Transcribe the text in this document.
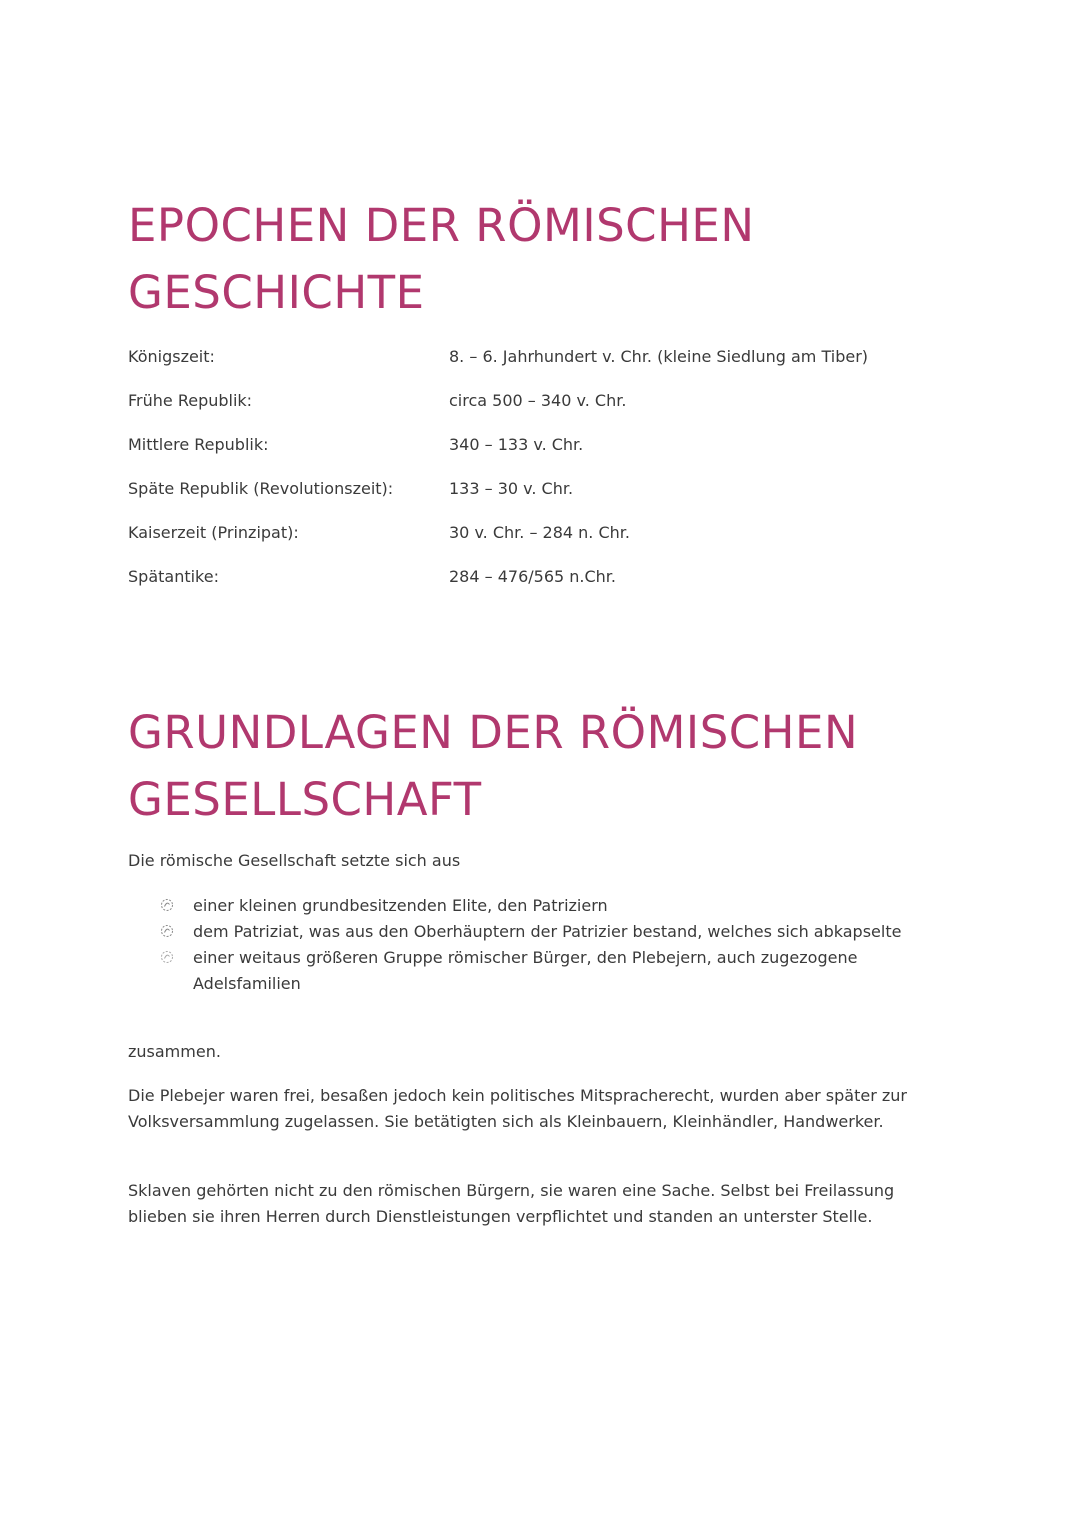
EPOCHEN DER RÖMISCHEN
GESCHICHTE
Königszeit:	8. – 6. Jahrhundert v. Chr. (kleine Siedlung am Tiber)
Frühe Republik:	circa 500 – 340 v. Chr.
Mittlere Republik:	340 – 133 v. Chr.
Späte Republik (Revolutionszeit):	133 – 30 v. Chr.
Kaiserzeit (Prinzipat):	30 v. Chr. – 284 n. Chr.
Spätantike:	284 – 476/565 n.Chr.
GRUNDLAGEN DER RÖMISCHEN
GESELLSCHAFT

Die römische Gesellschaft setzte sich aus

einer kleinen grundbesitzenden Elite, den Patriziern
dem Patriziat, was aus den Oberhäuptern der Patrizier bestand, welches sich abkapselte
einer weitaus größeren Gruppe römischer Bürger, den Plebejern, auch zugezogene Adelsfamilien

zusammen.

Die Plebejer waren frei, besaßen jedoch kein politisches Mitspracherecht, wurden aber später zur Volksversammlung zugelassen. Sie betätigten sich als Kleinbauern, Kleinhändler, Handwerker.

Sklaven gehörten nicht zu den römischen Bürgern, sie waren eine Sache. Selbst bei Freilassung blieben sie ihren Herren durch Dienstleistungen verpflichtet und standen an unterster Stelle.
